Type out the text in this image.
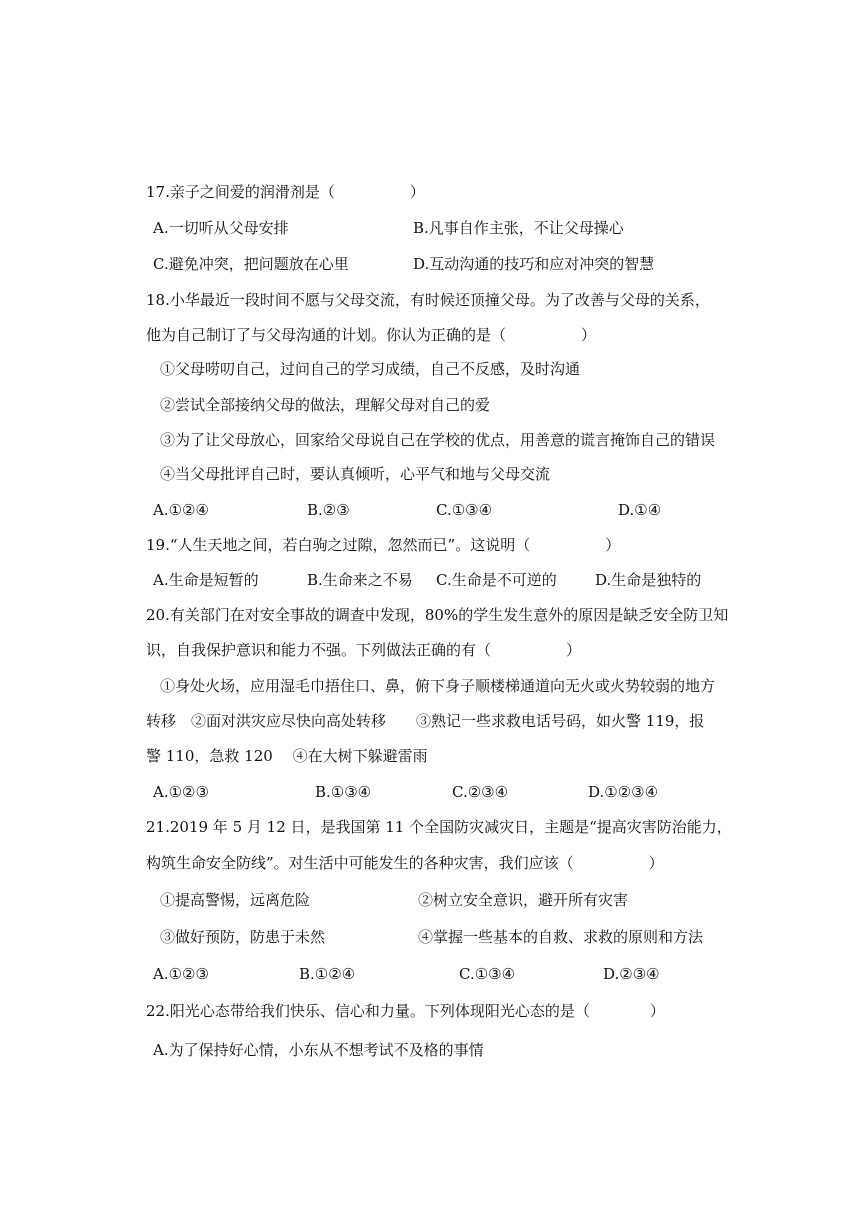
17.亲子之间爱的润滑剂是（　　　　　）
A.一切听从父母安排	B.凡事自作主张，不让父母操心
C.避免冲突，把问题放在心里	D.互动沟通的技巧和应对冲突的智慧
18.小华最近一段时间不愿与父母交流，有时候还顶撞父母。为了改善与父母的关系，
他为自己制订了与父母沟通的计划。你认为正确的是（　　　　　）
①父母唠叨自己，过问自己的学习成绩，自己不反感，及时沟通
②尝试全部接纳父母的做法，理解父母对自己的爱
③为了让父母放心，回家给父母说自己在学校的优点，用善意的谎言掩饰自己的错误
④当父母批评自己时，要认真倾听，心平气和地与父母交流
A.①②④	B.②③	C.①③④	D.①④
19.“人生天地之间，若白驹之过隙，忽然而已”。这说明（　　　　　）
A.生命是短暂的	B.生命来之不易 C.生命是不可逆的	D.生命是独特的
20.有关部门在对安全事故的调查中发现，80%的学生发生意外的原因是缺乏安全防卫知
识，自我保护意识和能力不强。下列做法正确的有（　　　　　）
①身处火场，应用湿毛巾捂住口、鼻，俯下身子顺楼梯通道向无火或火势较弱的地方
转移　②面对洪灾应尽快向高处转移　　③熟记一些求救电话号码，如火警 119，报
警 110，急救 120　 ④在大树下躲避雷雨
A.①②③	B.①③④	C.②③④	D.①②③④
21.2019 年 5 月 12 日，是我国第 11 个全国防灾减灾日，主题是“提高灾害防治能力，
构筑生命安全防线”。对生活中可能发生的各种灾害，我们应该（　　　　　）
①提高警惕，远离危险	②树立安全意识，避开所有灾害
③做好预防，防患于未然	④掌握一些基本的自救、求救的原则和方法
A.①②③	B.①②④	C.①③④	D.②③④
22.阳光心态带给我们快乐、信心和力量。下列体现阳光心态的是（　　　　）
A.为了保持好心情，小东从不想考试不及格的事情
